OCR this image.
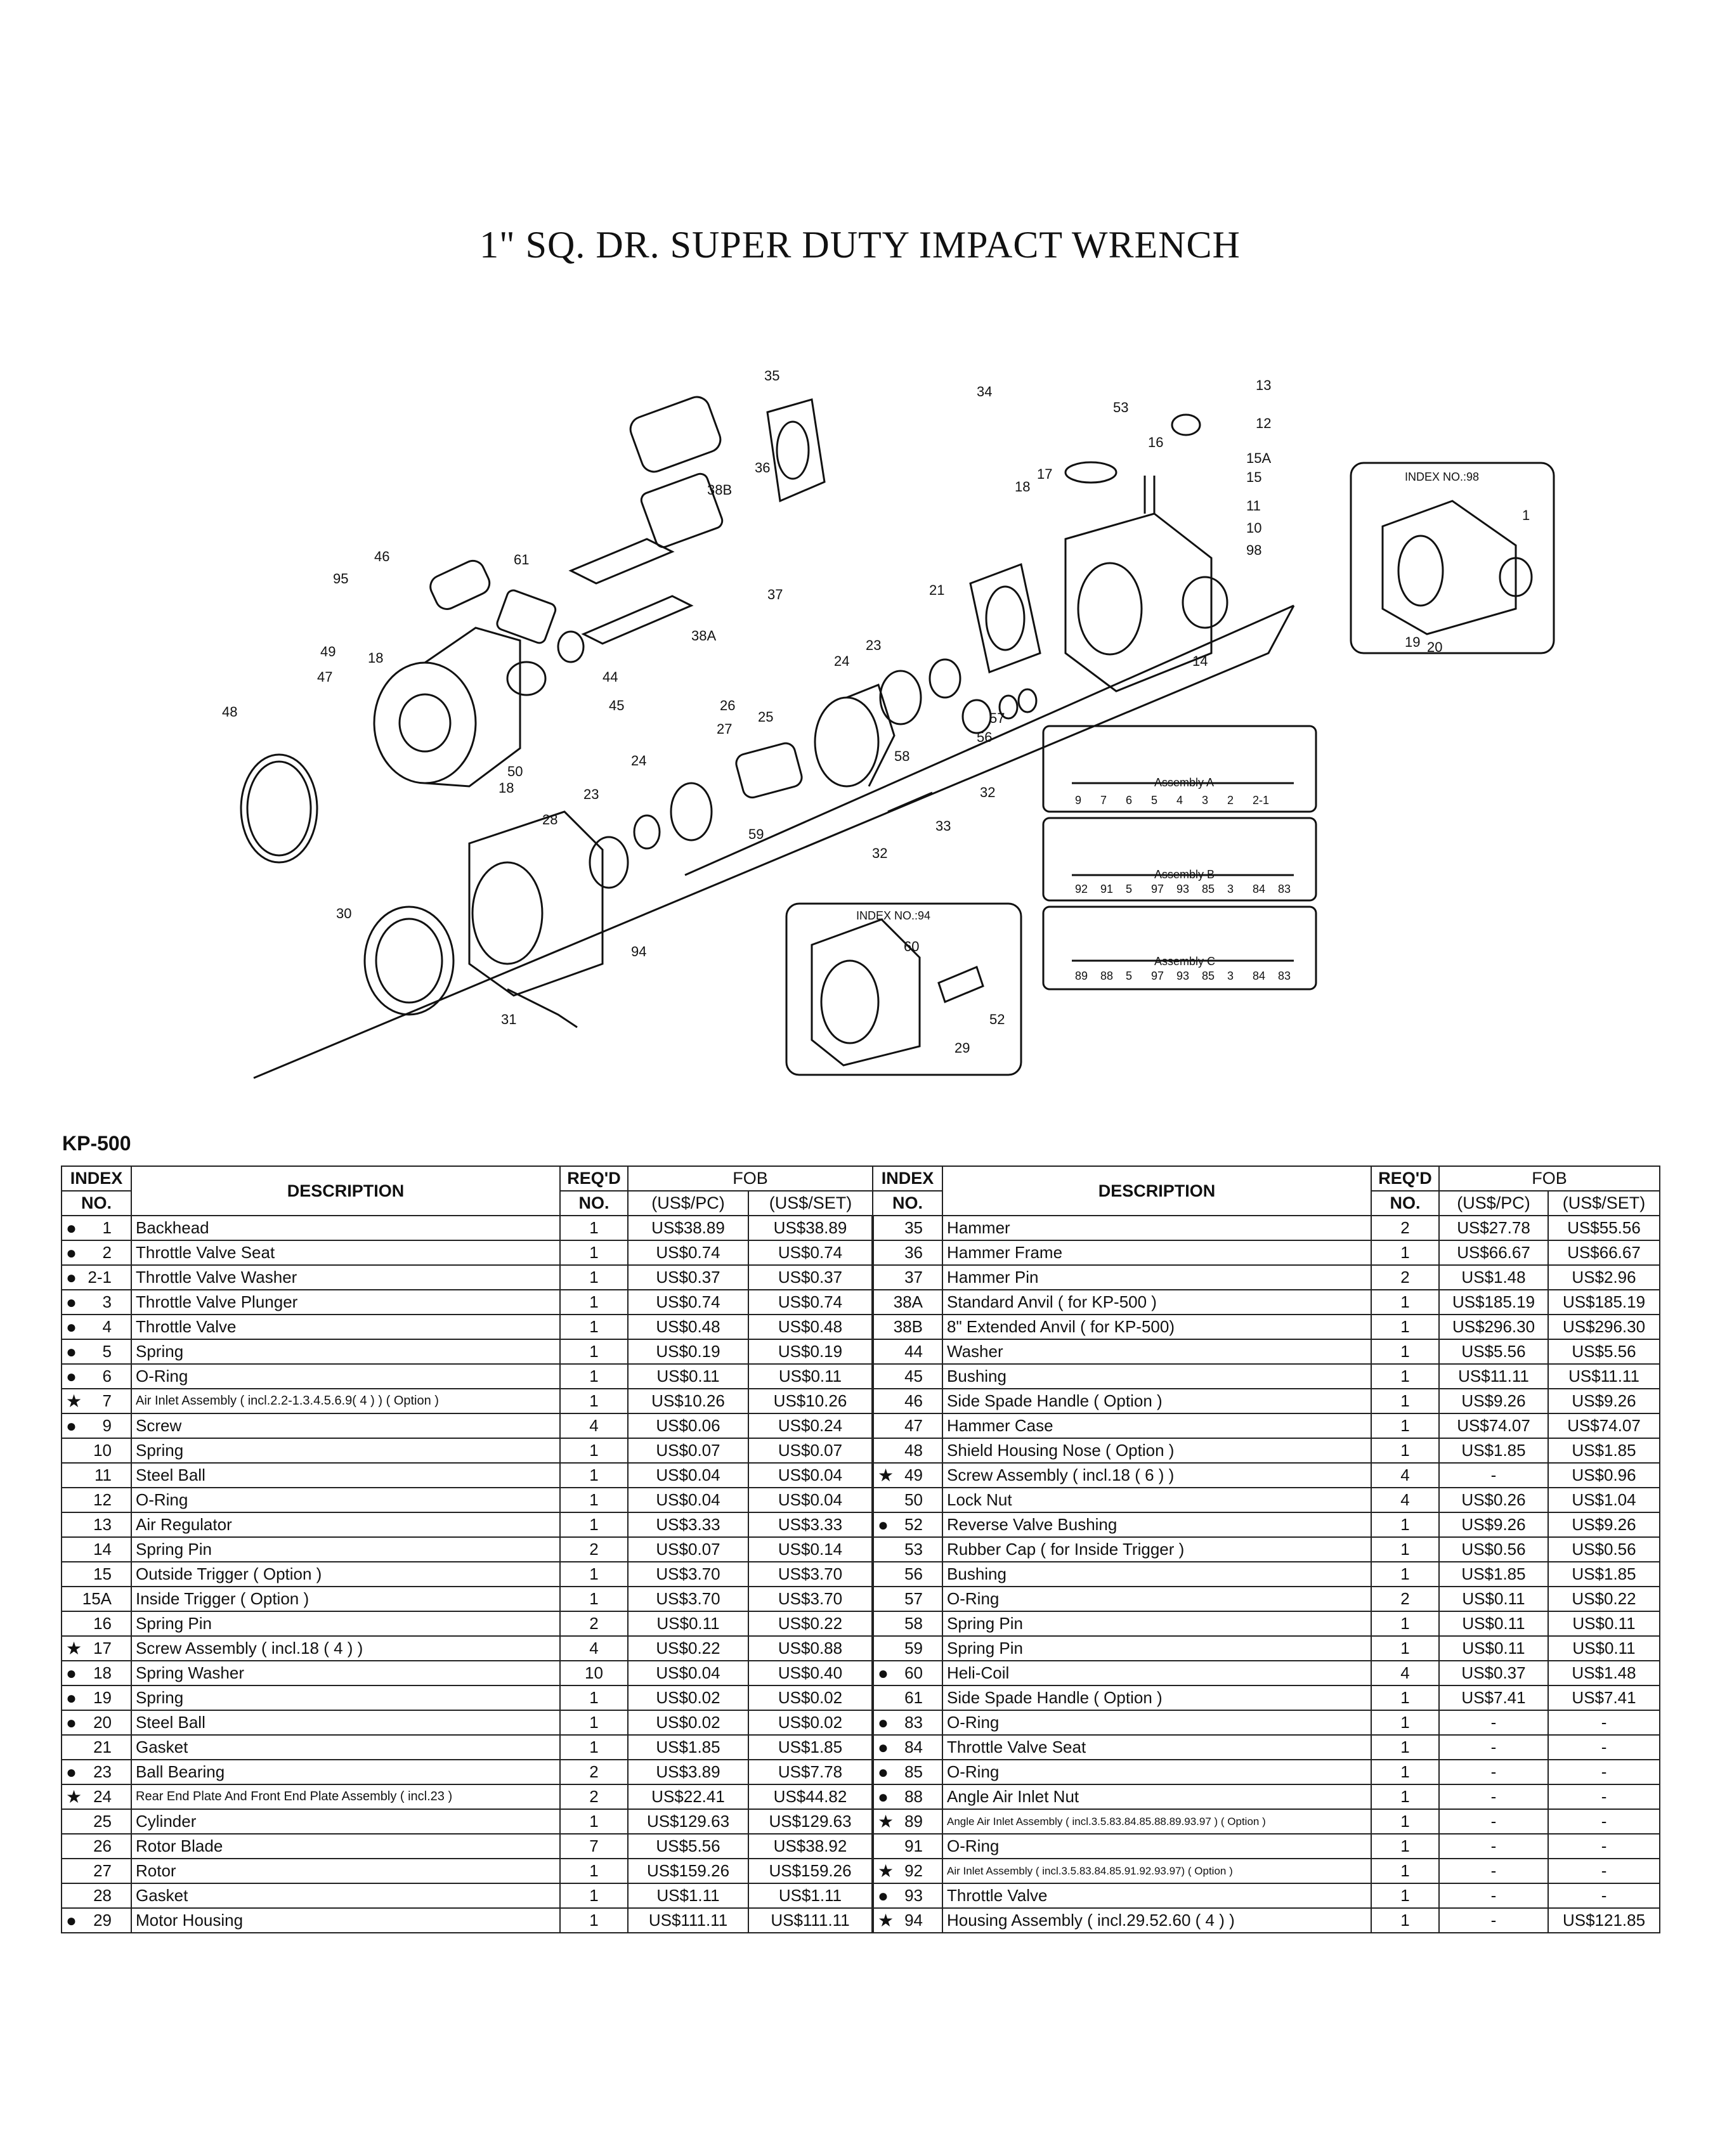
1" SQ. DR. SUPER DUTY IMPACT WRENCH
Assembly A
Assembly B
Assembly C
INDEX NO.:98
INDEX NO.:94
35
34	13
53
12
16
15A
15
17
18
11
10
98
38B
36
46
95
61
37
38A
21
44
49 18
45
47
23
24	14
57
56
48	26
25
27
58
24
50
18	23	32
33
28
59
32
30
94
31
60
52
29
1
19 20
9 7 6 5 4 3 2 2-1
92 91 5 97 93 85 3 84 83
89 88 5 97 93 85 3 84 83
KP-500
INDEX	DESCRIPTION	REQ'D	FOB		INDEX	DESCRIPTION	REQ'D	FOB	
NO.		NO.	(US$/PC)	(US$/SET)	NO.		NO.	(US$/PC)	(US$/SET)

● 1	Backhead	1	US$38.89	US$38.89	35	Hammer	2	US$27.78	US$55.56

● 2	Throttle Valve Seat	1	US$0.74	US$0.74	36	Hammer Frame	1	US$66.67	US$66.67

● 2-1	Throttle Valve Washer	1	US$0.37	US$0.37	37	Hammer Pin	2	US$1.48	US$2.96

● 3	Throttle Valve Plunger	1	US$0.74	US$0.74	38A	Standard Anvil ( for KP-500 )	1	US$185.19	US$185.19

● 4	Throttle Valve	1	US$0.48	US$0.48	38B	8" Extended Anvil ( for KP-500)	1	US$296.30	US$296.30

● 5	Spring	1	US$0.19	US$0.19	44	Washer	1	US$5.56	US$5.56

● 6	O-Ring	1	US$0.11	US$0.11	45	Bushing	1	US$11.11	US$11.11

★ 7	Air Inlet Assembly ( incl.2.2-1.3.4.5.6.9( 4 ) ) ( Option )	1	US$10.26	US$10.26	46	Side Spade Handle ( Option )	1	US$9.26	US$9.26

● 9	Screw	4	US$0.06	US$0.24	47	Hammer Case	1	US$74.07	US$74.07
10	Spring	1	US$0.07	US$0.07	48	Shield Housing Nose ( Option )	1	US$1.85	US$1.85
11	Steel Ball	1	US$0.04	US$0.04	★ 49	Screw Assembly ( incl.18 ( 6 ) )	4	-	US$0.96
12	O-Ring	1	US$0.04	US$0.04	50	Lock Nut	4	US$0.26	US$1.04
13	Air Regulator	1	US$3.33	US$3.33	● 52	Reverse Valve Bushing	1	US$9.26	US$9.26
14	Spring Pin	2	US$0.07	US$0.14	53	Rubber Cap ( for Inside Trigger )	1	US$0.56	US$0.56
15	Outside Trigger ( Option )	1	US$3.70	US$3.70	56	Bushing	1	US$1.85	US$1.85
15A	Inside Trigger ( Option )	1	US$3.70	US$3.70	57	O-Ring	2	US$0.11	US$0.22
16	Spring Pin	2	US$0.11	US$0.22	58	Spring Pin	1	US$0.11	US$0.11

★ 17	Screw Assembly ( incl.18 ( 4 ) )	4	US$0.22	US$0.88	59	Spring Pin	1	US$0.11	US$0.11

● 18	Spring Washer	10	US$0.04	US$0.40	● 60	Heli-Coil	4	US$0.37	US$1.48

● 19	Spring	1	US$0.02	US$0.02	61	Side Spade Handle ( Option )	1	US$7.41	US$7.41

● 20	Steel Ball	1	US$0.02	US$0.02	● 83	O-Ring	1	-	-
21	Gasket	1	US$1.85	US$1.85	● 84	Throttle Valve Seat	1	-	-

● 23	Ball Bearing	2	US$3.89	US$7.78	● 85	O-Ring	1	-	-

★ 24	Rear End Plate And Front End Plate Assembly ( incl.23 )	2	US$22.41	US$44.82	● 88	Angle Air Inlet Nut	1	-	-
25	Cylinder	1	US$129.63	US$129.63	★ 89	Angle Air Inlet Assembly ( incl.3.5.83.84.85.88.89.93.97 ) ( Option )	1	-	-
26	Rotor Blade	7	US$5.56	US$38.92	91	O-Ring	1	-	-
27	Rotor	1	US$159.26	US$159.26	★ 92	Air Inlet Assembly ( incl.3.5.83.84.85.91.92.93.97) ( Option )	1	-	-
28	Gasket	1	US$1.11	US$1.11	● 93	Throttle Valve	1	-	-

● 29	Motor Housing	1	US$111.11	US$111.11	★ 94	Housing Assembly ( incl.29.52.60 ( 4 ) )	1	-	US$121.85
